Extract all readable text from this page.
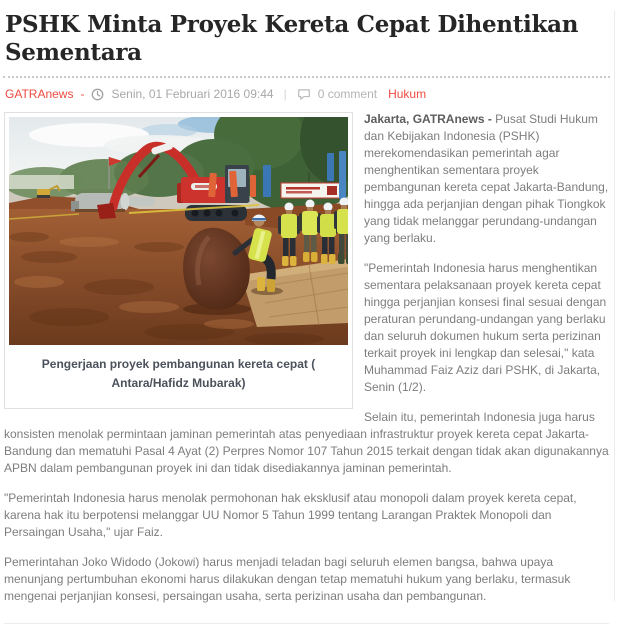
PSHK Minta Proyek Kereta Cepat Dihentikan Sementara
GATRAnews - Senin, 01 Februari 2016 09:44 |	0 comment Hukum
Pengerjaan proyek pembangunan kereta cepat ( Antara/Hafidz Mubarak)

Jakarta, GATRAnews - Pusat Studi Hukum dan Kebijakan Indonesia (PSHK) merekomendasikan pemerintah agar menghentikan sementara proyek pembangunan kereta cepat Jakarta-Bandung, hingga ada perjanjian dengan pihak Tiongkok yang tidak melanggar perundang-undangan yang berlaku.

"Pemerintah Indonesia harus menghentikan sementara pelaksanaan proyek kereta cepat hingga perjanjian konsesi final sesuai dengan peraturan perundang-undangan yang berlaku dan seluruh dokumen hukum serta perizinan terkait proyek ini lengkap dan selesai," kata Muhammad Faiz Aziz dari PSHK, di Jakarta, Senin (1/2).

Selain itu, pemerintah Indonesia juga harus konsisten menolak permintaan jaminan pemerintah atas penyediaan infrastruktur proyek kereta cepat Jakarta-Bandung dan mematuhi Pasal 4 Ayat (2) Perpres Nomor 107 Tahun 2015 terkait dengan tidak akan digunakannya APBN dalam pembangunan proyek ini dan tidak disediakannya jaminan pemerintah.

"Pemerintah Indonesia harus menolak permohonan hak eksklusif atau monopoli dalam proyek kereta cepat, karena hak itu berpotensi melanggar UU Nomor 5 Tahun 1999 tentang Larangan Praktek Monopoli dan Persaingan Usaha," ujar Faiz.

Pemerintahan Joko Widodo (Jokowi) harus menjadi teladan bagi seluruh elemen bangsa, bahwa upaya menunjang pertumbuhan ekonomi harus dilakukan dengan tetap mematuhi hukum yang berlaku, termasuk mengenai perjanjian konsesi, persaingan usaha, serta perizinan usaha dan pembangunan.
